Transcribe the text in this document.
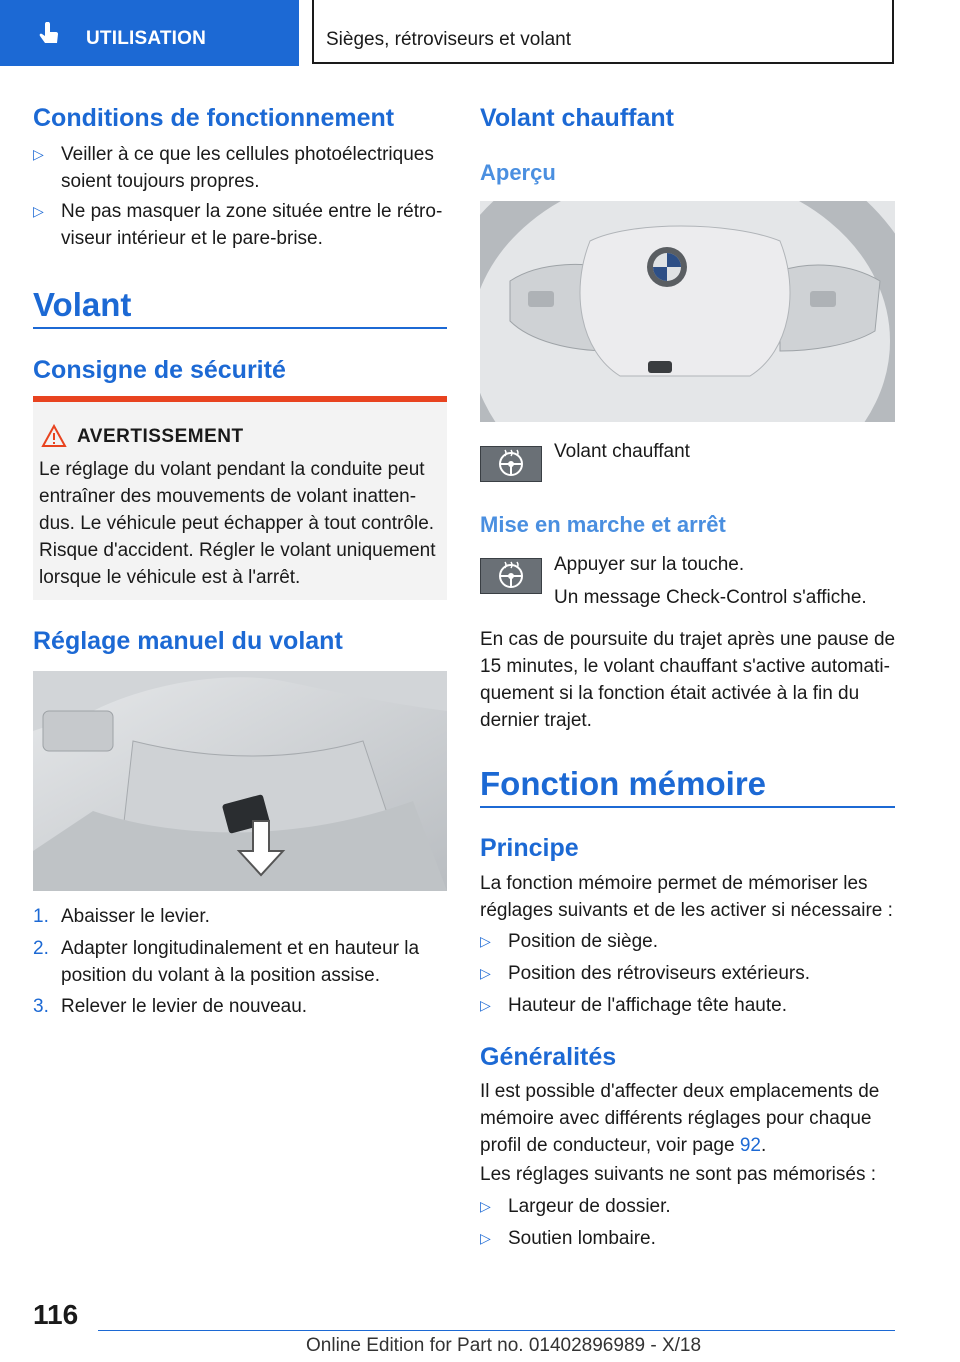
UTILISATION	Sièges, rétroviseurs et volant
Conditions de fonctionnement
▷ Veiller à ce que les cellules photoélectriques soient toujours propres.
▷ Ne pas masquer la zone située entre le rétroviseur intérieur et le pare-brise.
Volant
Consigne de sécurité
AVERTISSEMENT
Le réglage du volant pendant la conduite peut entraîner des mouvements de volant inattendus. Le véhicule peut échapper à tout contrôle. Risque d'accident. Régler le volant uniquement lorsque le véhicule est à l'arrêt.
Réglage manuel du volant
1. Abaisser le levier.
2. Adapter longitudinalement et en hauteur la position du volant à la position assise.
3. Relever le levier de nouveau.
Volant chauffant
Aperçu
Volant chauffant
Mise en marche et arrêt
Appuyer sur la touche.
Un message Check-Control s'affiche.
En cas de poursuite du trajet après une pause de 15 minutes, le volant chauffant s'active automatiquement si la fonction était activée à la fin du dernier trajet.
Fonction mémoire
Principe
La fonction mémoire permet de mémoriser les réglages suivants et de les activer si nécessaire :
▷ Position de siège.
▷ Position des rétroviseurs extérieurs.
▷ Hauteur de l'affichage tête haute.
Généralités
Il est possible d'affecter deux emplacements de mémoire avec différents réglages pour chaque profil de conducteur, voir page 92.
Les réglages suivants ne sont pas mémorisés :
▷ Largeur de dossier.
▷ Soutien lombaire.
116
Online Edition for Part no. 01402896989 - X/18
